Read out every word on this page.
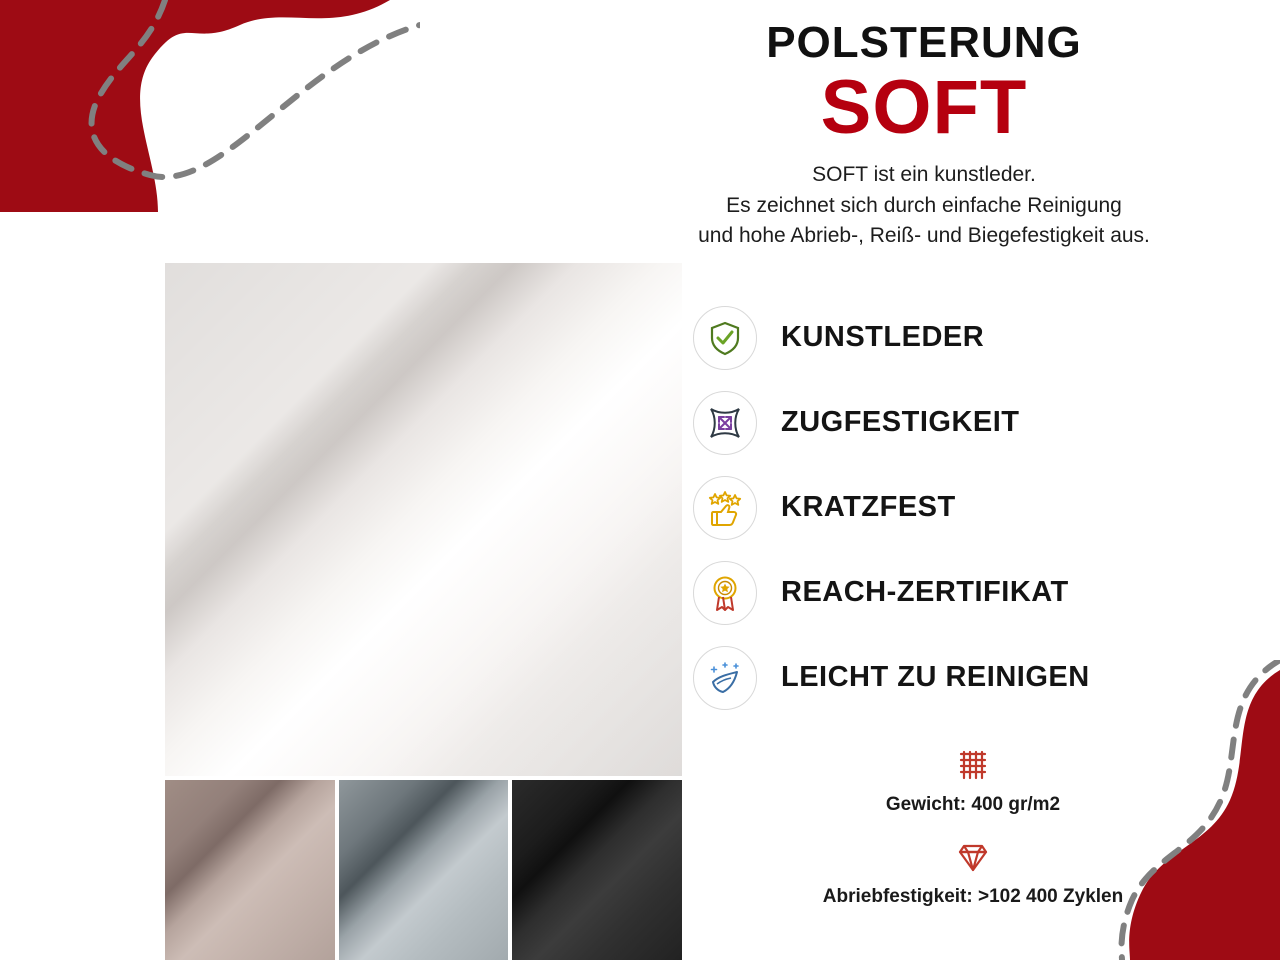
POLSTERUNG
SOFT
SOFT ist ein kunstleder.
Es zeichnet sich durch einfache Reinigung
und hohe Abrieb-, Reiß- und Biegefestigkeit aus.
KUNSTLEDER
ZUGFESTIGKEIT
KRATZFEST
REACH-ZERTIFIKAT
LEICHT ZU REINIGEN
Gewicht: 400 gr/m2
Abriebfestigkeit: >102 400 Zyklen
